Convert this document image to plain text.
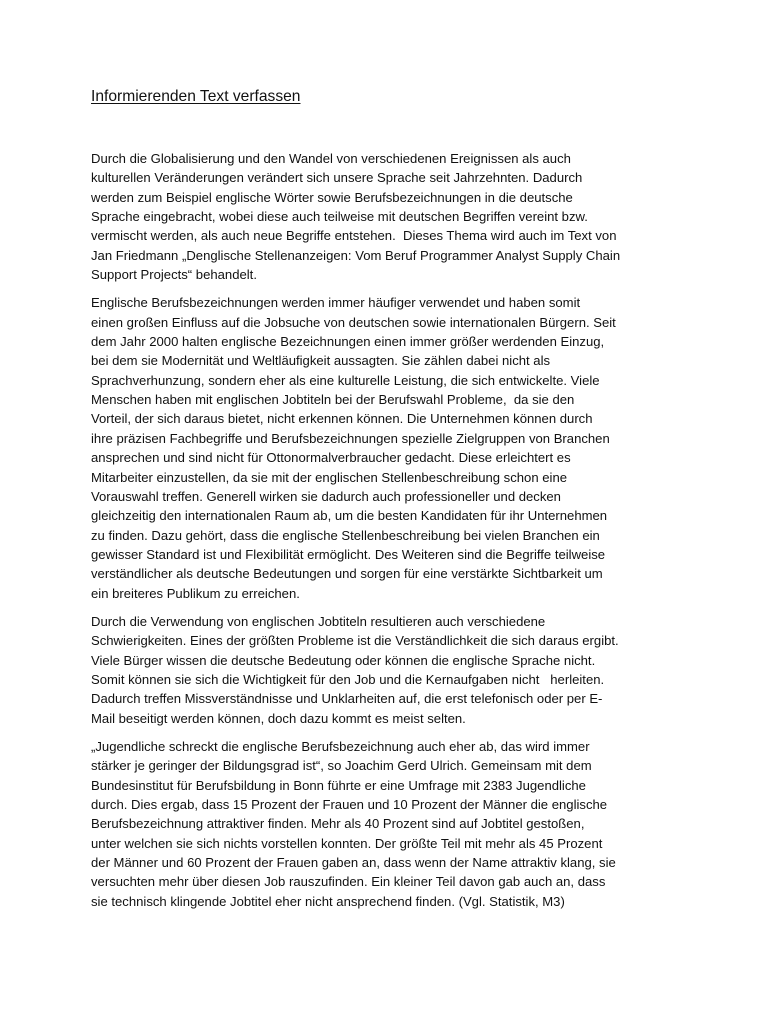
Informierenden Text verfassen

Durch die Globalisierung und den Wandel von verschiedenen Ereignissen als auch
kulturellen Veränderungen verändert sich unsere Sprache seit Jahrzehnten. Dadurch
werden zum Beispiel englische Wörter sowie Berufsbezeichnungen in die deutsche
Sprache eingebracht, wobei diese auch teilweise mit deutschen Begriffen vereint bzw.
vermischt werden, als auch neue Begriffe entstehen.  Dieses Thema wird auch im Text von
Jan Friedmann „Denglische Stellenanzeigen: Vom Beruf Programmer Analyst Supply Chain
Support Projects“ behandelt.

Englische Berufsbezeichnungen werden immer häufiger verwendet und haben somit
einen großen Einfluss auf die Jobsuche von deutschen sowie internationalen Bürgern. Seit
dem Jahr 2000 halten englische Bezeichnungen einen immer größer werdenden Einzug,
bei dem sie Modernität und Weltläufigkeit aussagten. Sie zählen dabei nicht als
Sprachverhunzung, sondern eher als eine kulturelle Leistung, die sich entwickelte. Viele
Menschen haben mit englischen Jobtiteln bei der Berufswahl Probleme,  da sie den
Vorteil, der sich daraus bietet, nicht erkennen können. Die Unternehmen können durch
ihre präzisen Fachbegriffe und Berufsbezeichnungen spezielle Zielgruppen von Branchen
ansprechen und sind nicht für Ottonormalverbraucher gedacht. Diese erleichtert es
Mitarbeiter einzustellen, da sie mit der englischen Stellenbeschreibung schon eine
Vorauswahl treffen. Generell wirken sie dadurch auch professioneller und decken
gleichzeitig den internationalen Raum ab, um die besten Kandidaten für ihr Unternehmen
zu finden. Dazu gehört, dass die englische Stellenbeschreibung bei vielen Branchen ein
gewisser Standard ist und Flexibilität ermöglicht. Des Weiteren sind die Begriffe teilweise
verständlicher als deutsche Bedeutungen und sorgen für eine verstärkte Sichtbarkeit um
ein breiteres Publikum zu erreichen.

Durch die Verwendung von englischen Jobtiteln resultieren auch verschiedene
Schwierigkeiten. Eines der größten Probleme ist die Verständlichkeit die sich daraus ergibt.
Viele Bürger wissen die deutsche Bedeutung oder können die englische Sprache nicht.
Somit können sie sich die Wichtigkeit für den Job und die Kernaufgaben nicht   herleiten.
Dadurch treffen Missverständnisse und Unklarheiten auf, die erst telefonisch oder per E-
Mail beseitigt werden können, doch dazu kommt es meist selten.

„Jugendliche schreckt die englische Berufsbezeichnung auch eher ab, das wird immer
stärker je geringer der Bildungsgrad ist“, so Joachim Gerd Ulrich. Gemeinsam mit dem
Bundesinstitut für Berufsbildung in Bonn führte er eine Umfrage mit 2383 Jugendliche
durch. Dies ergab, dass 15 Prozent der Frauen und 10 Prozent der Männer die englische
Berufsbezeichnung attraktiver finden. Mehr als 40 Prozent sind auf Jobtitel gestoßen,
unter welchen sie sich nichts vorstellen konnten. Der größte Teil mit mehr als 45 Prozent
der Männer und 60 Prozent der Frauen gaben an, dass wenn der Name attraktiv klang, sie
versuchten mehr über diesen Job rauszufinden. Ein kleiner Teil davon gab auch an, dass
sie technisch klingende Jobtitel eher nicht ansprechend finden. (Vgl. Statistik, M3)
